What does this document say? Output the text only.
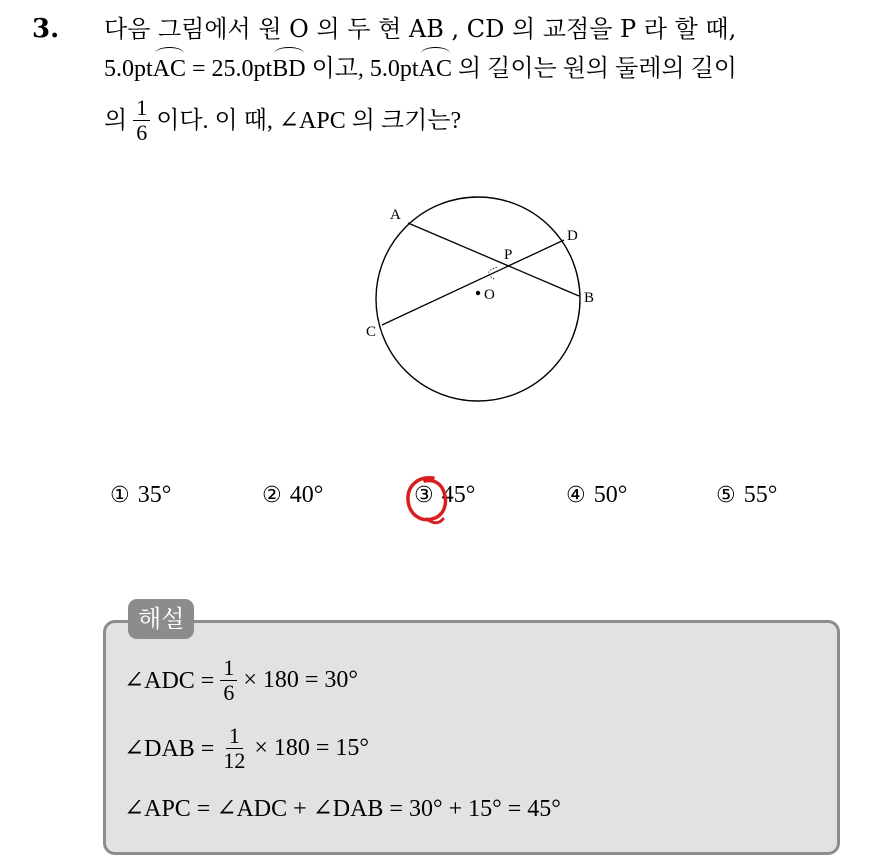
3. 다음 그림에서 원 O 의 두 현 AB , CD 의 교점을 P 라 할 때,
5.0ptAC = 25.0ptBD 이고, 5.0ptAC 의 길이는 원의 둘레의 길이
의 $\frac{1}{6}$ 이다. 이 때, ∠APC 의 크기는?
A
B
C
D
P
O
① 35°	② 40°	③ 45°	④ 50°	⑤ 55°
해설
∠ADC = $\frac{1}{6} \times 180 = 30^\circ$
∠DAB = $\frac{1}{12} \times 180 = 15^\circ$
∠APC = ∠ADC + ∠DAB = 30° + 15° = 45°
